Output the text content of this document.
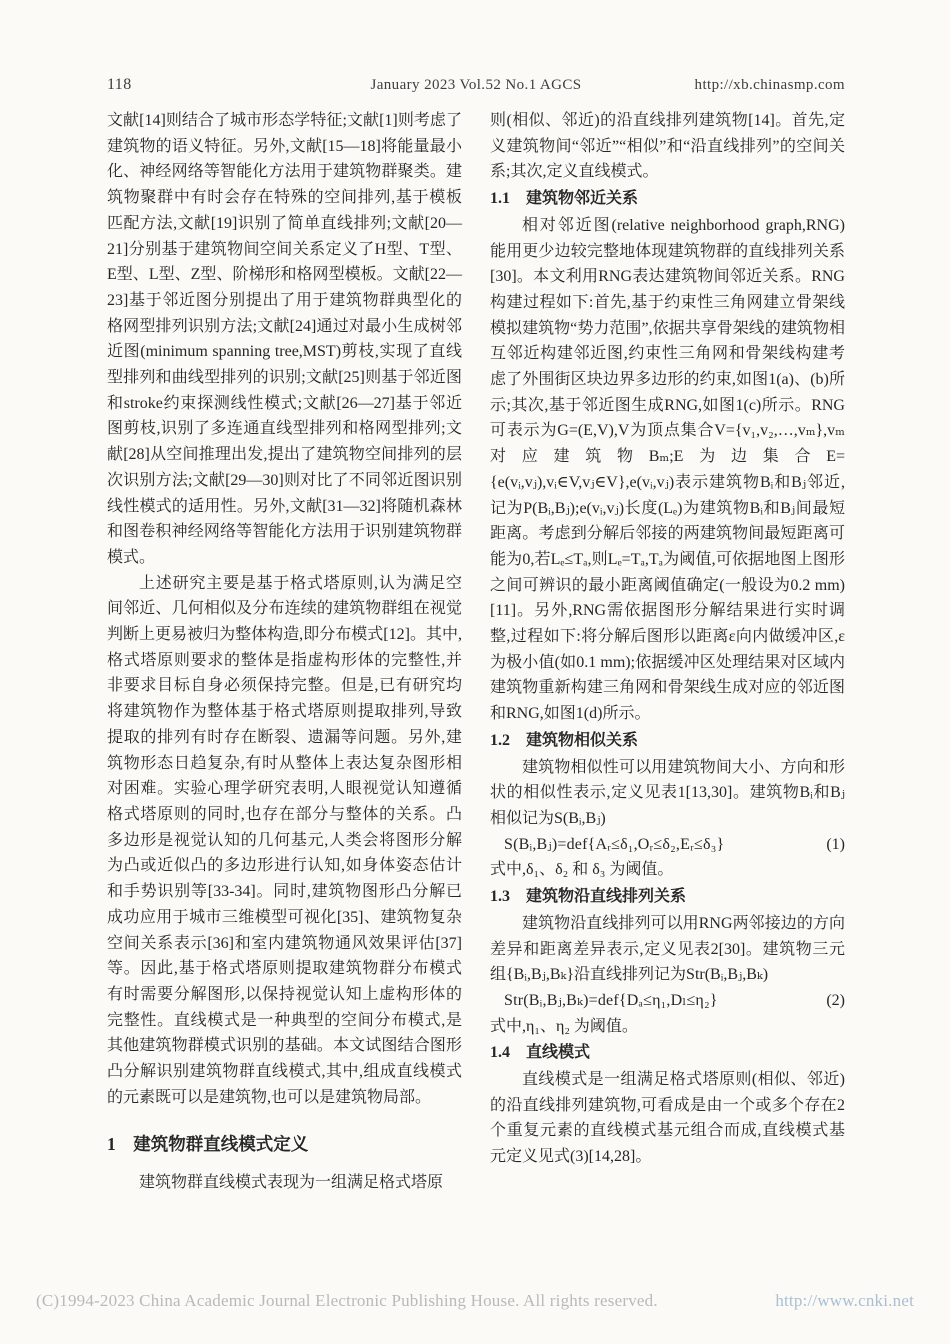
118	January 2023 Vol.52 No.1 AGCS	http://xb.chinasmp.com

文献[14]则结合了城市形态学特征;文献[1]则考虑了建筑物的语义特征。另外,文献[15—18]将能量最小化、神经网络等智能化方法用于建筑物群聚类。建筑物聚群中有时会存在特殊的空间排列,基于模板匹配方法,文献[19]识别了简单直线排列;文献[20—21]分别基于建筑物间空间关系定义了H型、T型、E型、L型、Z型、阶梯形和格网型模板。文献[22—23]基于邻近图分别提出了用于建筑物群典型化的格网型排列识别方法;文献[24]通过对最小生成树邻近图(minimum spanning tree,MST)剪枝,实现了直线型排列和曲线型排列的识别;文献[25]则基于邻近图和stroke约束探测线性模式;文献[26—27]基于邻近图剪枝,识别了多连通直线型排列和格网型排列;文献[28]从空间推理出发,提出了建筑物空间排列的层次识别方法;文献[29—30]则对比了不同邻近图识别线性模式的适用性。另外,文献[31—32]将随机森林和图卷积神经网络等智能化方法用于识别建筑物群模式。

上述研究主要是基于格式塔原则,认为满足空间邻近、几何相似及分布连续的建筑物群组在视觉判断上更易被归为整体构造,即分布模式[12]。其中,格式塔原则要求的整体是指虚构形体的完整性,并非要求目标自身必须保持完整。但是,已有研究均将建筑物作为整体基于格式塔原则提取排列,导致提取的排列有时存在断裂、遗漏等问题。另外,建筑物形态日趋复杂,有时从整体上表达复杂图形相对困难。实验心理学研究表明,人眼视觉认知遵循格式塔原则的同时,也存在部分与整体的关系。凸多边形是视觉认知的几何基元,人类会将图形分解为凸或近似凸的多边形进行认知,如身体姿态估计和手势识别等[33-34]。同时,建筑物图形凸分解已成功应用于城市三维模型可视化[35]、建筑物复杂空间关系表示[36]和室内建筑物通风效果评估[37]等。因此,基于格式塔原则提取建筑物群分布模式有时需要分解图形,以保持视觉认知上虚构形体的完整性。直线模式是一种典型的空间分布模式,是其他建筑物群模式识别的基础。本文试图结合图形凸分解识别建筑物群直线模式,其中,组成直线模式的元素既可以是建筑物,也可以是建筑物局部。

1　建筑物群直线模式定义

建筑物群直线模式表现为一组满足格式塔原

则(相似、邻近)的沿直线排列建筑物[14]。首先,定义建筑物间“邻近”“相似”和“沿直线排列”的空间关系;其次,定义直线模式。

1.1　建筑物邻近关系

相对邻近图(relative neighborhood graph,RNG)能用更少边较完整地体现建筑物群的直线排列关系[30]。本文利用RNG表达建筑物间邻近关系。RNG构建过程如下:首先,基于约束性三角网建立骨架线模拟建筑物“势力范围”,依据共享骨架线的建筑物相互邻近构建邻近图,约束性三角网和骨架线构建考虑了外围街区块边界多边形的约束,如图1(a)、(b)所示;其次,基于邻近图生成RNG,如图1(c)所示。RNG可表示为G=(E,V),V为顶点集合V={v₁,v₂,…,vₘ},vₘ对应建筑物Bₘ;E为边集合E={e(vᵢ,vⱼ),vᵢ∈V,vⱼ∈V},e(vᵢ,vⱼ)表示建筑物Bᵢ和Bⱼ邻近,记为P(Bᵢ,Bⱼ);e(vᵢ,vⱼ)长度(Lₑ)为建筑物Bᵢ和Bⱼ间最短距离。考虑到分解后邻接的两建筑物间最短距离可能为0,若Lₑ≤Tₐ,则Lₑ=Tₐ,Tₐ为阈值,可依据地图上图形之间可辨识的最小距离阈值确定(一般设为0.2 mm)[11]。另外,RNG需依据图形分解结果进行实时调整,过程如下:将分解后图形以距离ε向内做缓冲区,ε为极小值(如0.1 mm);依据缓冲区处理结果对区域内建筑物重新构建三角网和骨架线生成对应的邻近图和RNG,如图1(d)所示。

1.2　建筑物相似关系

建筑物相似性可以用建筑物间大小、方向和形状的相似性表示,定义见表1[13,30]。建筑物Bᵢ和Bⱼ相似记为S(Bᵢ,Bⱼ)

S(Bᵢ,Bⱼ)=def{Aᵣ≤δ₁,Oᵣ≤δ₂,Eᵣ≤δ₃}	(1)

式中,δ₁、δ₂ 和 δ₃ 为阈值。

1.3　建筑物沿直线排列关系

建筑物沿直线排列可以用RNG两邻接边的方向差异和距离差异表示,定义见表2[30]。建筑物三元组{Bᵢ,Bⱼ,Bₖ}沿直线排列记为Str(Bᵢ,Bⱼ,Bₖ)

Str(Bᵢ,Bⱼ,Bₖ)=def{Dₐ≤η₁,Dₗ≤η₂}	(2)

式中,η₁、η₂ 为阈值。

1.4　直线模式

直线模式是一组满足格式塔原则(相似、邻近)的沿直线排列建筑物,可看成是由一个或多个存在2个重复元素的直线模式基元组合而成,直线模式基元定义见式(3)[14,28]。

(C)1994-2023 China Academic Journal Electronic Publishing House. All rights reserved.	http://www.cnki.net
